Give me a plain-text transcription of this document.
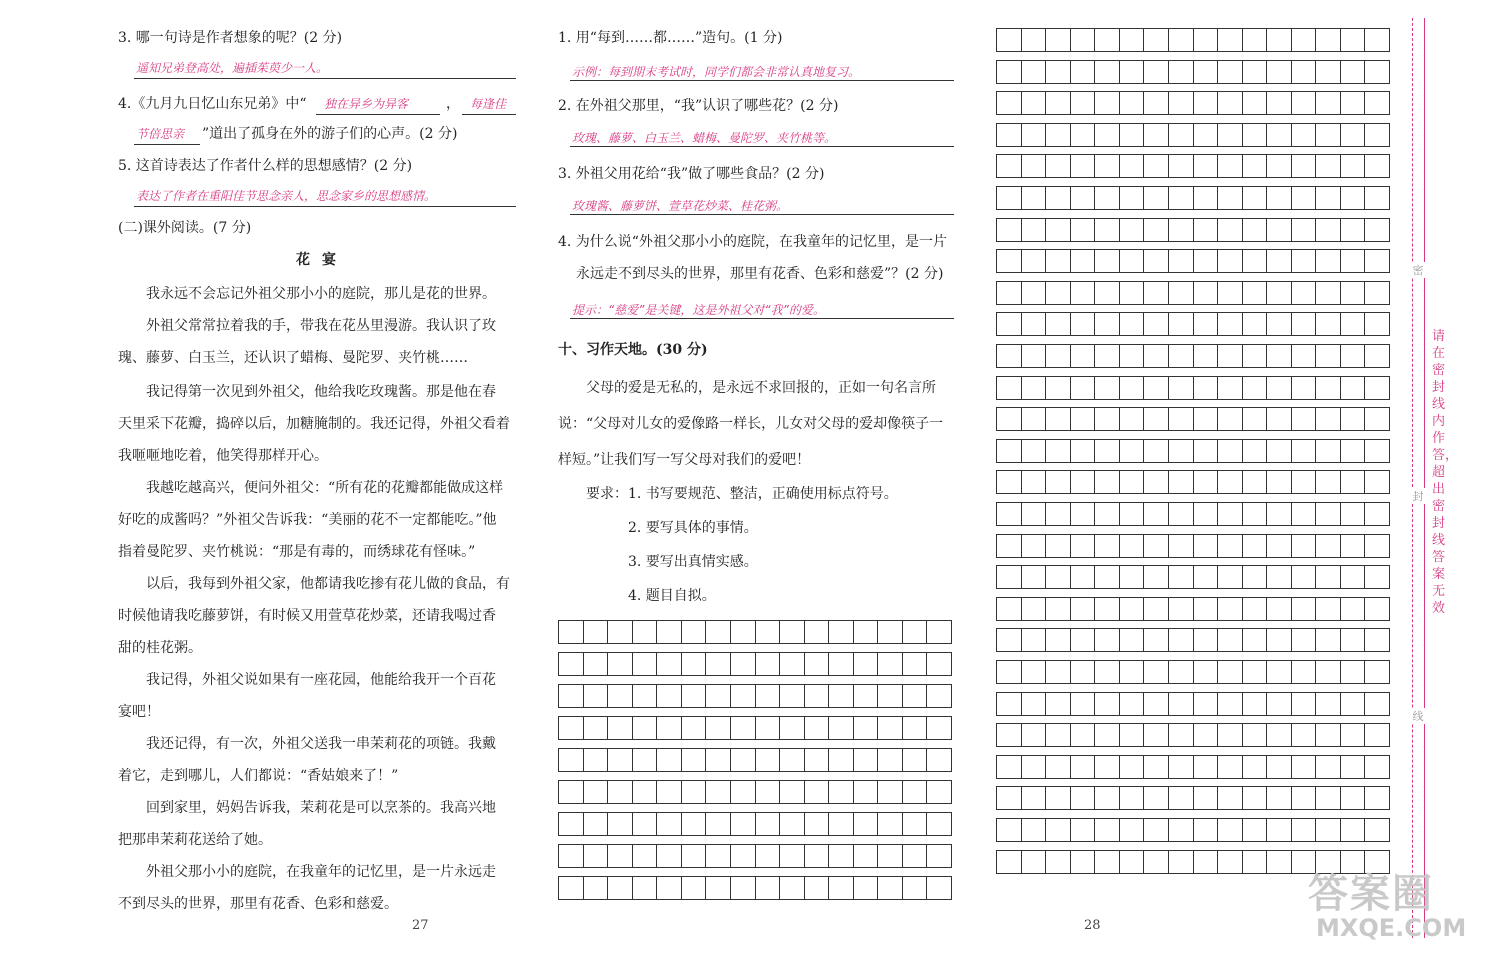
3. 哪一句诗是作者想象的呢？(2 分)
遥知兄弟登高处，遍插茱萸少一人。
4.《九月九日忆山东兄弟》中“ 独在异乡为异客	， 每逢佳
节倍思亲 ”道出了孤身在外的游子们的心声。(2 分)
5. 这首诗表达了作者什么样的思想感情？(2 分)
表达了作者在重阳佳节思念亲人，思念家乡的思想感情。
(二)课外阅读。(7 分)
花宴
我永远不会忘记外祖父那小小的庭院，那儿是花的世界。
外祖父常常拉着我的手，带我在花丛里漫游。我认识了玫
瑰、藤萝、白玉兰，还认识了蜡梅、曼陀罗、夹竹桃……
我记得第一次见到外祖父，他给我吃玫瑰酱。那是他在春
天里采下花瓣，捣碎以后，加糖腌制的。我还记得，外祖父看着
我咂咂地吃着，他笑得那样开心。
我越吃越高兴，便问外祖父：“所有花的花瓣都能做成这样
好吃的成酱吗？”外祖父告诉我：“美丽的花不一定都能吃。”他
指着曼陀罗、夹竹桃说：“那是有毒的，而绣球花有怪味。”
以后，我每到外祖父家，他都请我吃掺有花儿做的食品，有
时候他请我吃藤萝饼，有时候又用萱草花炒菜，还请我喝过香
甜的桂花粥。
我记得，外祖父说如果有一座花园，他能给我开一个百花
宴吧！
我还记得，有一次，外祖父送我一串茉莉花的项链。我戴
着它，走到哪儿，人们都说：“香姑娘来了！”
回到家里，妈妈告诉我，茉莉花是可以烹茶的。我高兴地
把那串茉莉花送给了她。
外祖父那小小的庭院，在我童年的记忆里，是一片永远走
不到尽头的世界，那里有花香、色彩和慈爱。
27
1. 用“每到……都……”造句。(1 分)
示例：每到期末考试时，同学们都会非常认真地复习。
2. 在外祖父那里，“我”认识了哪些花？(2 分)
玫瑰、藤萝、白玉兰、蜡梅、曼陀罗、夹竹桃等。
3. 外祖父用花给“我”做了哪些食品？(2 分)
玫瑰酱、藤萝饼、萱草花炒菜、桂花粥。
4. 为什么说“外祖父那小小的庭院，在我童年的记忆里，是一片
永远走不到尽头的世界，那里有花香、色彩和慈爱”？(2 分)
提示：“慈爱”是关键，这是外祖父对“我”的爱。
十、习作天地。(30 分)
父母的爱是无私的，是永远不求回报的，正如一句名言所
说：“父母对儿女的爱像路一样长，儿女对父母的爱却像筷子一
样短。”让我们写一写父母对我们的爱吧！
要求： 1. 书写要规范、整洁，正确使用标点符号。
2. 要写具体的事情。
3. 要写出真情实感。
4. 题目自拟。
28
密
封
线
请在密封线内作答，超出密封线答案无效
答案圈
MXQE.COM
